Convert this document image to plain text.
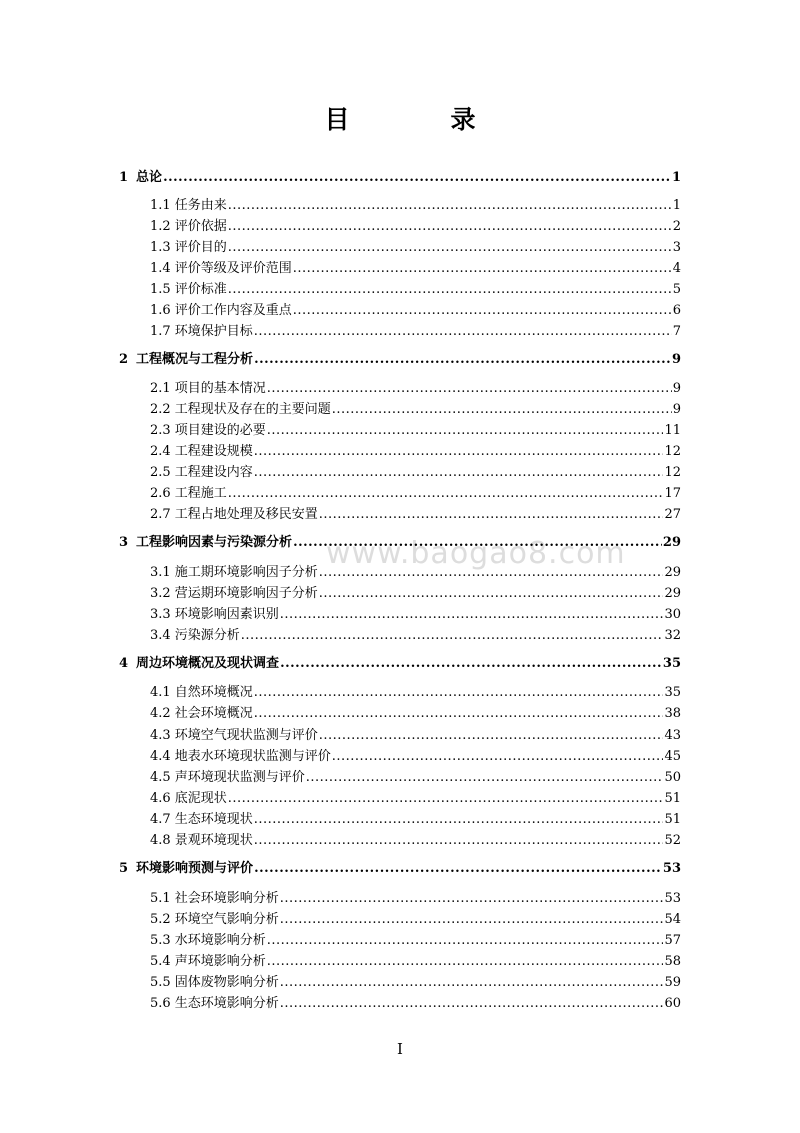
目　录
www.baogao8.com
1 总论 .....	1
1.1 任务由来 .....	1
1.2 评价依据 .....	2
1.3 评价目的 .....	3
1.4 评价等级及评价范围 .....	4
1.5 评价标准 .....	5
1.6 评价工作内容及重点 .....	6
1.7 环境保护目标 .....	7
2 工程概况与工程分析 .....	9
2.1 项目的基本情况 .....	9
2.2 工程现状及存在的主要问题 .....	9
2.3 项目建设的必要 .....	11
2.4 工程建设规模 .....	12
2.5 工程建设内容 .....	12
2.6 工程施工 .....	17
2.7 工程占地处理及移民安置 .....	27
3 工程影响因素与污染源分析 .....	29
3.1 施工期环境影响因子分析 .....	29
3.2 营运期环境影响因子分析 .....	29
3.3 环境影响因素识别 .....	30
3.4 污染源分析 .....	32
4 周边环境概况及现状调查 .....	35
4.1 自然环境概况 .....	35
4.2 社会环境概况 .....	38
4.3 环境空气现状监测与评价 .....	43
4.4 地表水环境现状监测与评价 .....	45
4.5 声环境现状监测与评价 .....	50
4.6 底泥现状 .....	51
4.7 生态环境现状 .....	51
4.8 景观环境现状 .....	52
5 环境影响预测与评价 .....	53
5.1 社会环境影响分析 .....	53
5.2 环境空气影响分析 .....	54
5.3 水环境影响分析 .....	57
5.4 声环境影响分析 .....	58
5.5 固体废物影响分析 .....	59
5.6 生态环境影响分析 .....	60
I
